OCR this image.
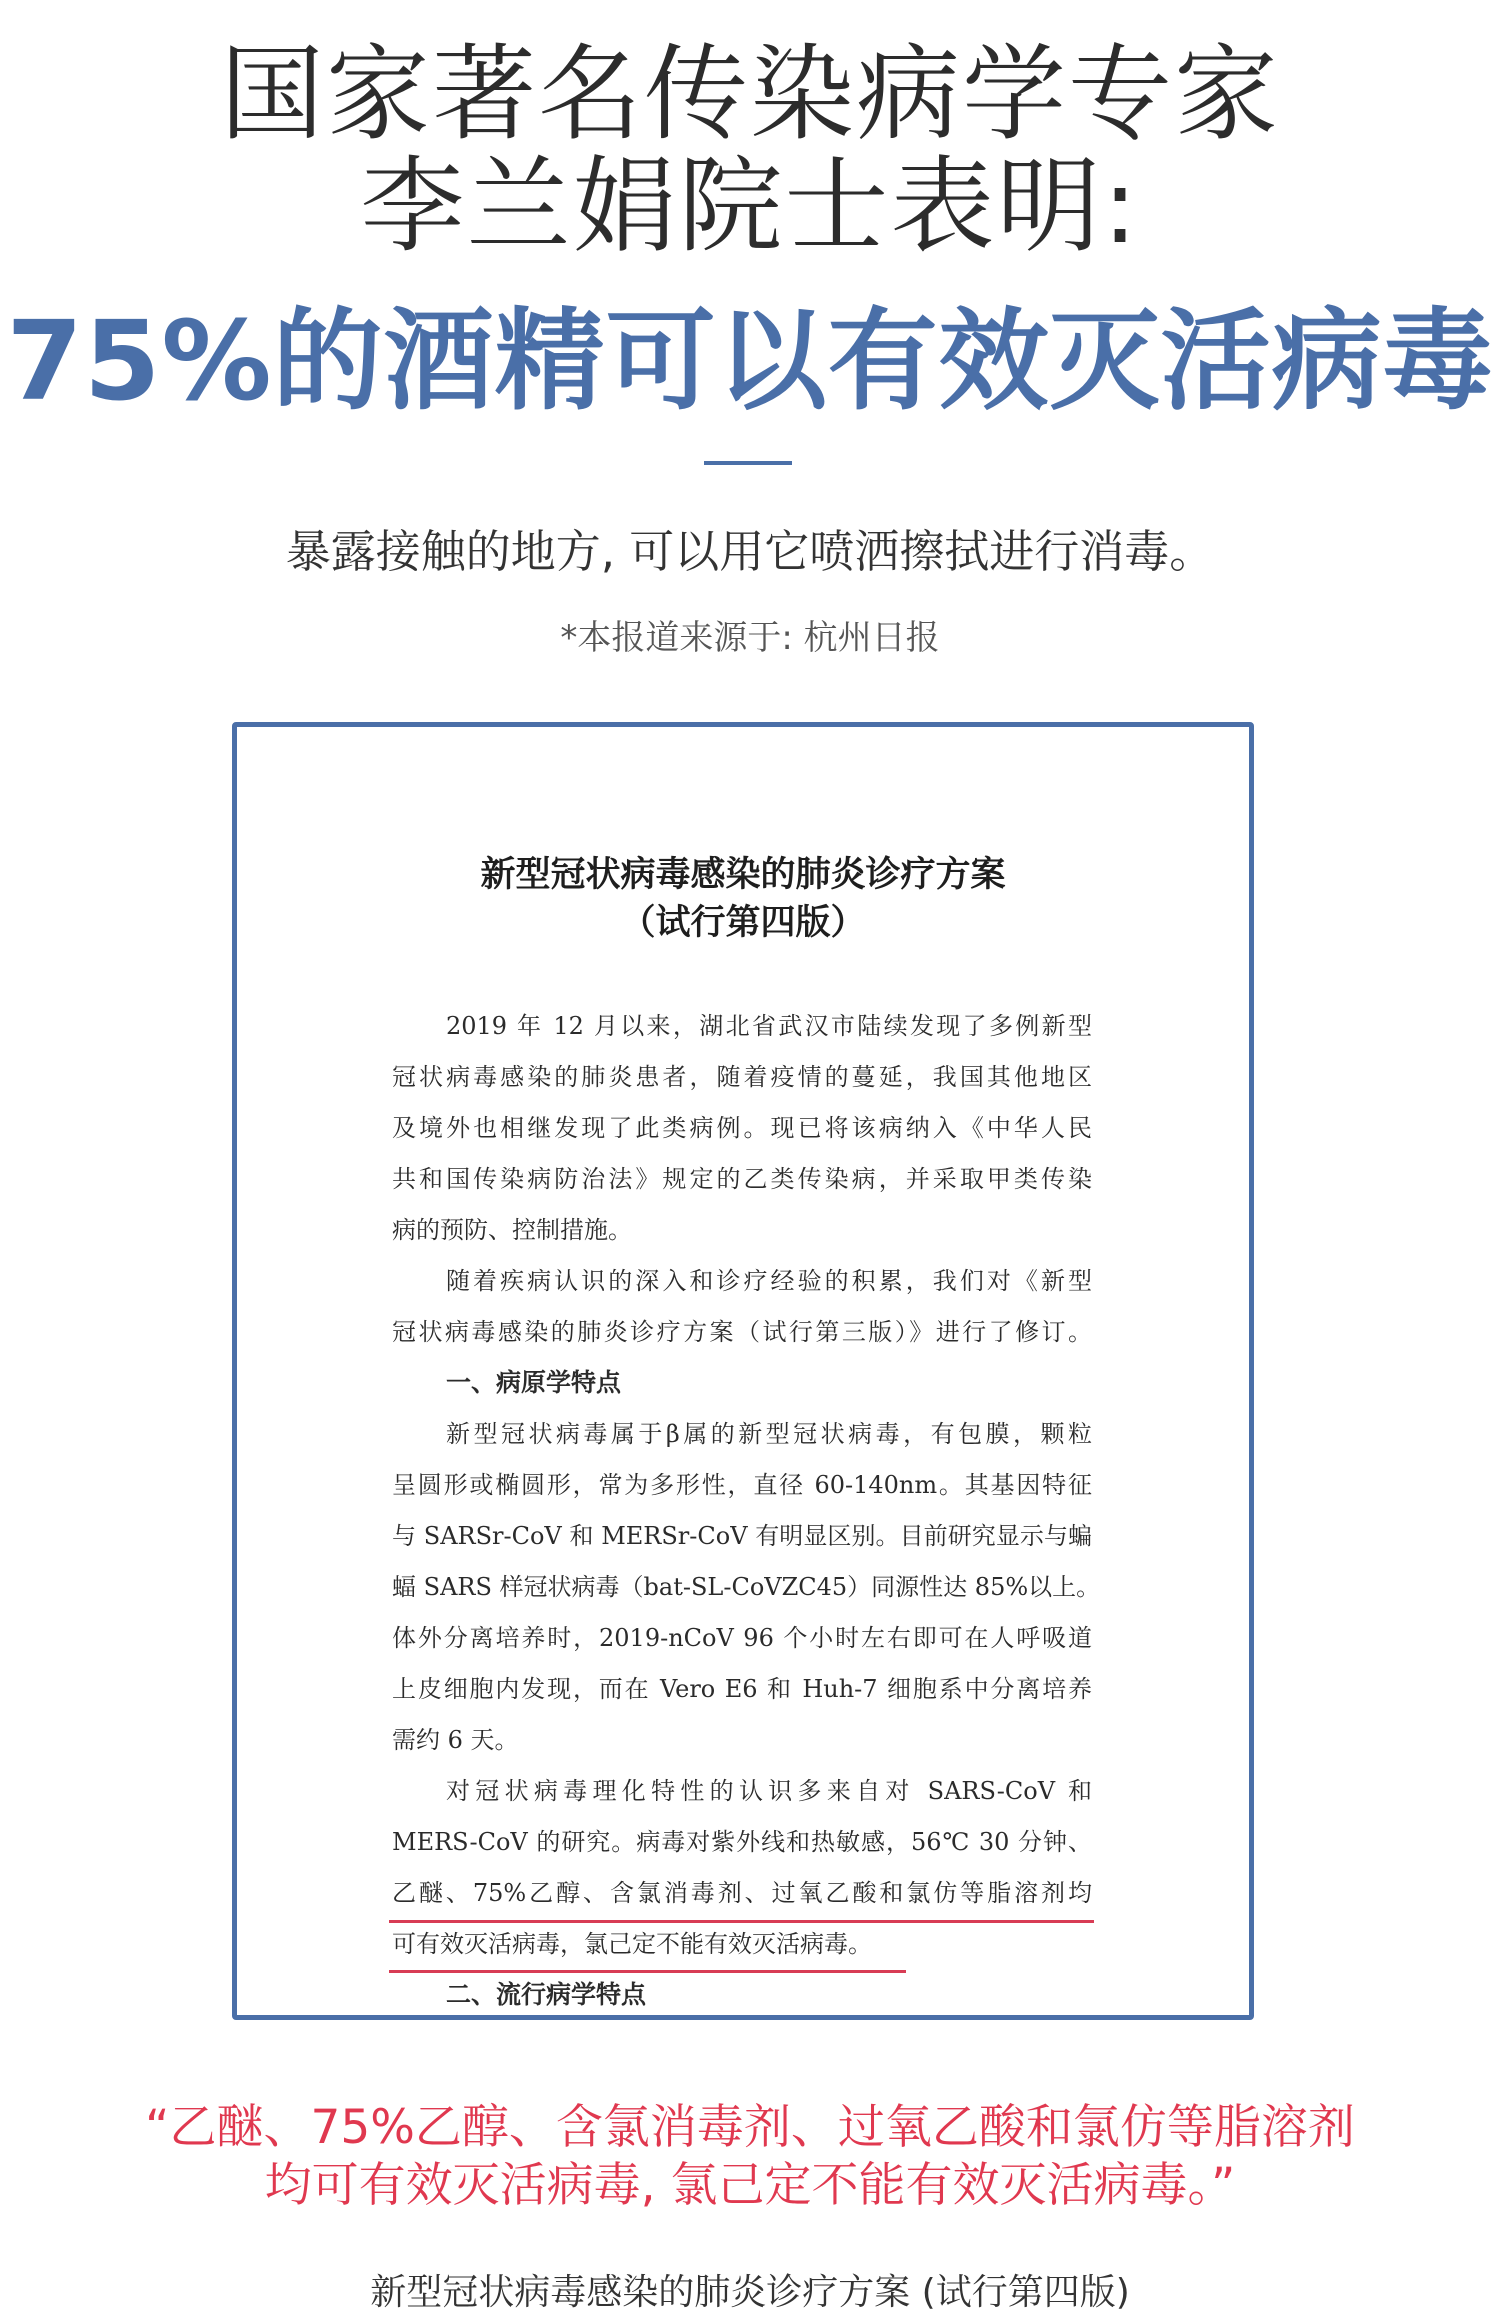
国家著名传染病学专家
李兰娟院士表明:
75%的酒精可以有效灭活病毒

暴露接触的地方, 可以用它喷洒擦拭进行消毒。

*本报道来源于: 杭州日报

新型冠状病毒感染的肺炎诊疗方案
（试行第四版）
2019 年 12 月以来，湖北省武汉市陆续发现了多例新型
冠状病毒感染的肺炎患者，随着疫情的蔓延，我国其他地区
及境外也相继发现了此类病例。现已将该病纳入《中华人民
共和国传染病防治法》规定的乙类传染病，并采取甲类传染
病的预防、控制措施。
随着疾病认识的深入和诊疗经验的积累，我们对《新型
冠状病毒感染的肺炎诊疗方案（试行第三版）》进行了修订。
一、病原学特点
新型冠状病毒属于β属的新型冠状病毒，有包膜，颗粒
呈圆形或椭圆形，常为多形性，直径 60-140nm。其基因特征
与 SARSr-CoV 和 MERSr-CoV 有明显区别。目前研究显示与蝙
蝠 SARS 样冠状病毒（bat-SL-CoVZC45）同源性达 85%以上。
体外分离培养时，2019-nCoV 96 个小时左右即可在人呼吸道
上皮细胞内发现，而在 Vero E6 和 Huh-7 细胞系中分离培养
需约 6 天。
对冠状病毒理化特性的认识多来自对 SARS-CoV 和
MERS-CoV 的研究。病毒对紫外线和热敏感，56℃ 30 分钟、
乙醚、75%乙醇、含氯消毒剂、过氧乙酸和氯仿等脂溶剂均
可有效灭活病毒，氯己定不能有效灭活病毒。
二、流行病学特点

“乙醚、75%乙醇、含氯消毒剂、过氧乙酸和氯仿等脂溶剂

均可有效灭活病毒, 氯己定不能有效灭活病毒。”

新型冠状病毒感染的肺炎诊疗方案 (试行第四版)
